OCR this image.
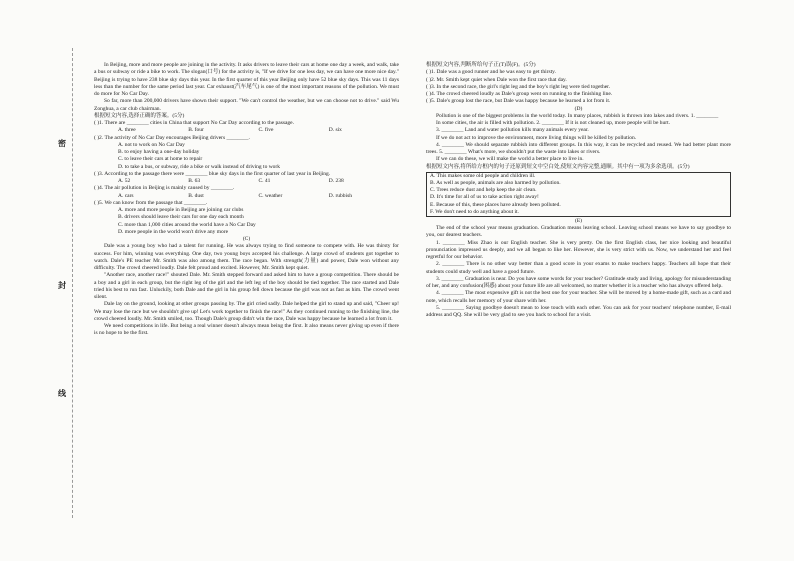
密
封
线

In Beijing, more and more people are joining in the activity. It asks drivers to leave their cars at home one day a week, and walk, take a bus or subway or ride a bike to work. The slogan(口号) for the activity is, "If we drive for one less day, we can have one more nice day." Beijing is trying to have 238 blue sky days this year. In the first quarter of this year Beijing only have 52 blue sky days. This was 11 days less than the number for the same period last year. Car exhaust(汽车尾气) is one of the most important reasons of the pollution. We must do more for No Car Day.

So far, more than 200,000 drivers have shown their support. "We can't control the weather, but we can choose not to drive." said Wu Zonghua, a car club chairman.

根据短文内容,选择正确的答案。(5分)

( )1. There are ________ cities in China that support No Car Day according to the passage.

A. three	B. four	C. five	D. six

( )2. The activity of No Car Day encourages Beijing drivers ________.

A. not to work on No Car Day

B. to enjoy having a one-day holiday

C. to leave their cars at home to repair

D. to take a bus, or subway, ride a bike or walk instead of driving to work

( )3. According to the passage there were ________ blue sky days in the first quarter of last year in Beijing.

A. 52	B. 63	C. 41	D. 238

( )4. The air pollution in Beijing is mainly caused by ________.

A. cars	B. dust	C. weather	D. rubbish

( )5. We can know from the passage that ________.

A. more and more people in Beijing are joining car clubs

B. drivers should leave their cars for one day each month

C. more than 1,000 cities around the world have a No Car Day

D. more people in the world won't drive any more

(C)

Dale was a young boy who had a talent for running. He was always trying to find someone to compete with. He was thirsty for success. For him, winning was everything. One day, two young boys accepted his challenge. A large crowd of students got together to watch. Dale's PE teacher Mr. Smith was also among them. The race began. With strength(力量) and power, Dale won without any difficulty. The crowd cheered loudly. Dale felt proud and excited. However, Mr. Smith kept quiet.

"Another race, another race!" shouted Dale. Mr. Smith stepped forward and asked him to have a group competition. There should be a boy and a girl in each group, but the right leg of the girl and the left leg of the boy should be tied together. The race started and Dale tried his best to run fast. Unluckily, both Dale and the girl in his group fell down because the girl was not as fast as him. The crowd went silent.

Dale lay on the ground, looking at other groups passing by. The girl cried sadly. Dale helped the girl to stand up and said, "Cheer up! We may lose the race but we shouldn't give up! Let's work together to finish the race!" As they continued running to the finishing line, the crowd cheered loudly. Mr. Smith smiled, too. Though Dale's group didn't win the race, Dale was happy because he learned a lot from it.

We need competitions in life. But being a real winner doesn't always mean being the first. It also means never giving up even if there is no hope to be the first.

根据短文内容,判断所给句子正(T)误(F)。(5分)

( )1. Dale was a good runner and he was easy to get thirsty.

( )2. Mr. Smith kept quiet when Dale won the first race that day.

( )3. In the second race, the girl's right leg and the boy's right leg were tied together.

( )4. The crowd cheered loudly as Dale's group went on running to the finishing line.

( )5. Dale's group lost the race, but Dale was happy because he learned a lot from it.

(D)

Pollution is one of the biggest problems in the world today. In many places, rubbish is thrown into lakes and rivers. 1. ________

In some cities, the air is filled with pollution. 2. ________ If it is not cleaned up, more people will be hurt.

3. ________ Land and water pollution kills many animals every year.

If we do not act to improve the environment, more living things will be killed by pollution.

4. ________ We should separate rubbish into different groups. In this way, it can be recycled and reused. We had better plant more trees. 5. ________ What's more, we shouldn't put the waste into lakes or rivers.

If we can do these, we will make the world a better place to live in.

根据短文内容,将所给方框内的句子还原到短文中空白处,使短文内容完整,通顺。其中有一项为多余选项。(5分)

A. This makes some old people and children ill.

B. As well as people, animals are also harmed by pollution.

C. Trees reduce dust and help keep the air clean.

D. It's time for all of us to take action right away!

E. Because of this, these places have already been polluted.

F. We don't need to do anything about it.

(E)

The end of the school year means graduation. Graduation means leaving school. Leaving school means we have to say goodbye to you, our dearest teachers.

1. ________ Miss Zhao is our English teacher. She is very pretty. On the first English class, her nice looking and beautiful pronunciation impressed us deeply, and we all began to like her. However, she is very strict with us. Now, we understand her and feel regretful for our behavior.

2. ________ There is no other way better than a good score in your exams to make teachers happy. Teachers all hope that their students could study well and have a good future.

3. ________ Graduation is near. Do you have some words for your teacher? Gratitude study and living, apology for misunderstanding of her, and any confusion(困惑) about your future life are all welcomed, no matter whether it is a teacher who has always offered help.

4. ________ The most expensive gift is not the best one for your teacher. She will be moved by a home-made gift, such as a card and note, which recalls her memory of your share with her.

5. ________ Saying goodbye doesn't mean to lose touch with each other. You can ask for your teachers' telephone number, E-mail address and QQ. She will be very glad to see you back to school for a visit.
